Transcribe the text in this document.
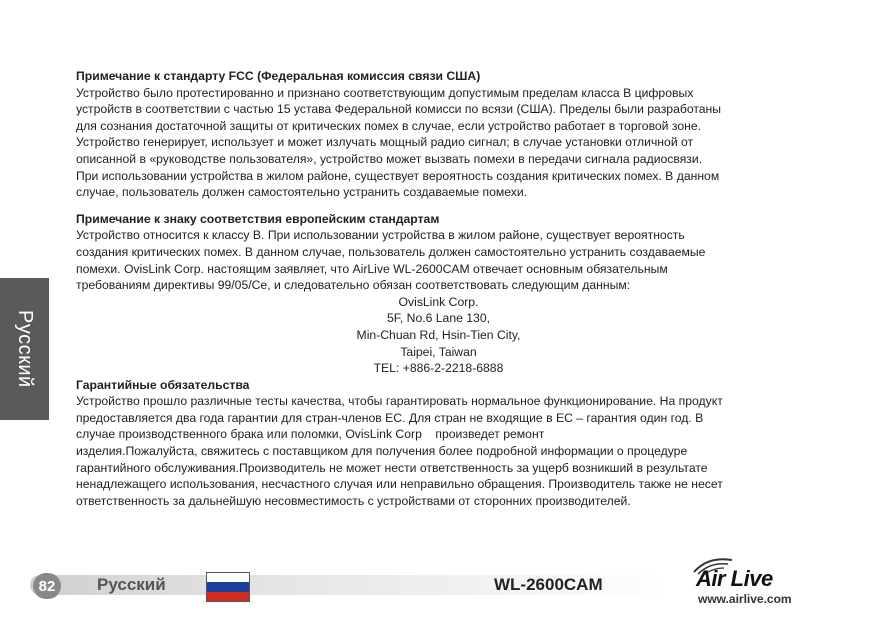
Примечание к стандарту FCC (Федеральная комиссия связи США)

Устройство было протестированно и признано соответствующим допустимым пределам класса B цифровых

устройств в соответствии с частью 15 устава Федеральной комисси по всязи (США). Пределы были разработаны

для сознания достаточной защиты от критических помех в случае, если устройство работает в торговой зоне.

Устройство генерирует, использует и может излучать мощный радио сигнал; в случае установки отличной от

описанной в «руководстве пользователя», устройство может вызвать помехи в передачи сигнала радиосвязи.

При использовании устройства в жилом районе, существует вероятность создания критических помех. В данном

случае, пользователь должен самостоятельно устранить создаваемые помехи.

Примечание к знаку соответствия европейским стандартам

Устройство относится к классу B. При использовании устройства в жилом районе, существует вероятность

создания критических помех. В данном случае, пользователь должен самостоятельно устранить создаваемые

помехи. OvisLink Corp. настоящим заявляет, что AirLive WL-2600CAM отвечает основным обязательным

требованиям директивы 99/05/Ce, и следовательно обязан соответствовать следующим данным:

OvisLink Corp.

5F, No.6 Lane 130,

Min-Chuan Rd, Hsin-Tien City,

Taipei, Taiwan

TEL: +886-2-2218-6888

Гарантийные обязательства

Устройство прошло различные тесты качества, чтобы гарантировать нормальное функционирование. На продукт

предоставляется два года гарантии для стран-членов ЕС. Для стран не входящие в ЕС – гарантия один год. В

случае производственного брака или поломки, OvisLink Corp    произведет ремонт

изделия.Пожалуйста, свяжитесь с поставщиком для получения более подробной информации о процедуре

гарантийного обслуживания.Производитель не может нести ответственность за ущерб возникший в результате

ненадлежащего использования, несчастного случая или неправильно обращения. Производитель также не несет

ответственность за дальнейшую несовместимость с устройствами от сторонних производителей.

Русский
82	Русский	WL-2600CAM	Air Live
www.airlive.com
